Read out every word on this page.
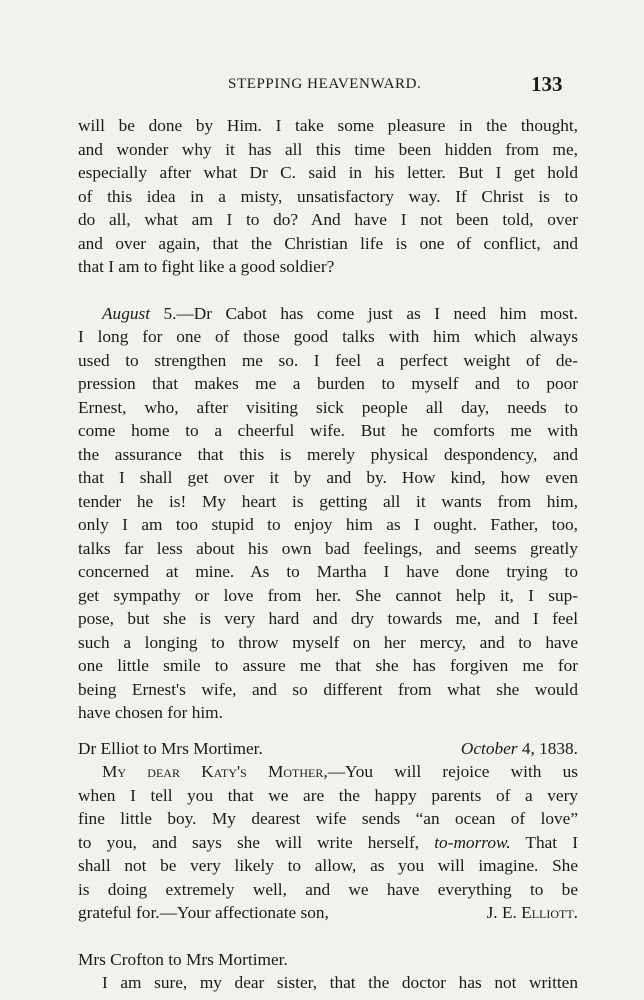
STEPPING HEAVENWARD.	133
will be done by Him. I take some pleasure in the thought,
and wonder why it has all this time been hidden from me,
especially after what Dr C. said in his letter. But I get hold
of this idea in a misty, unsatisfactory way. If Christ is to
do all, what am I to do? And have I not been told, over
and over again, that the Christian life is one of conflict, and
that I am to fight like a good soldier?
August 5.—Dr Cabot has come just as I need him most.
I long for one of those good talks with him which always
used to strengthen me so. I feel a perfect weight of de-
pression that makes me a burden to myself and to poor
Ernest, who, after visiting sick people all day, needs to
come home to a cheerful wife. But he comforts me with
the assurance that this is merely physical despondency, and
that I shall get over it by and by. How kind, how even
tender he is! My heart is getting all it wants from him,
only I am too stupid to enjoy him as I ought. Father, too,
talks far less about his own bad feelings, and seems greatly
concerned at mine. As to Martha I have done trying to
get sympathy or love from her. She cannot help it, I sup-
pose, but she is very hard and dry towards me, and I feel
such a longing to throw myself on her mercy, and to have
one little smile to assure me that she has forgiven me for
being Ernest's wife, and so different from what she would
have chosen for him.
Dr Elliot to Mrs Mortimer.	October 4, 1838.
My dear Katy's Mother,—You will rejoice with us
when I tell you that we are the happy parents of a very
fine little boy. My dearest wife sends “an ocean of love”
to you, and says she will write herself, to-morrow. That I
shall not be very likely to allow, as you will imagine. She
is doing extremely well, and we have everything to be
grateful for.—Your affectionate son,	J. E. Elliott.
Mrs Crofton to Mrs Mortimer.
I am sure, my dear sister, that the doctor has not written
